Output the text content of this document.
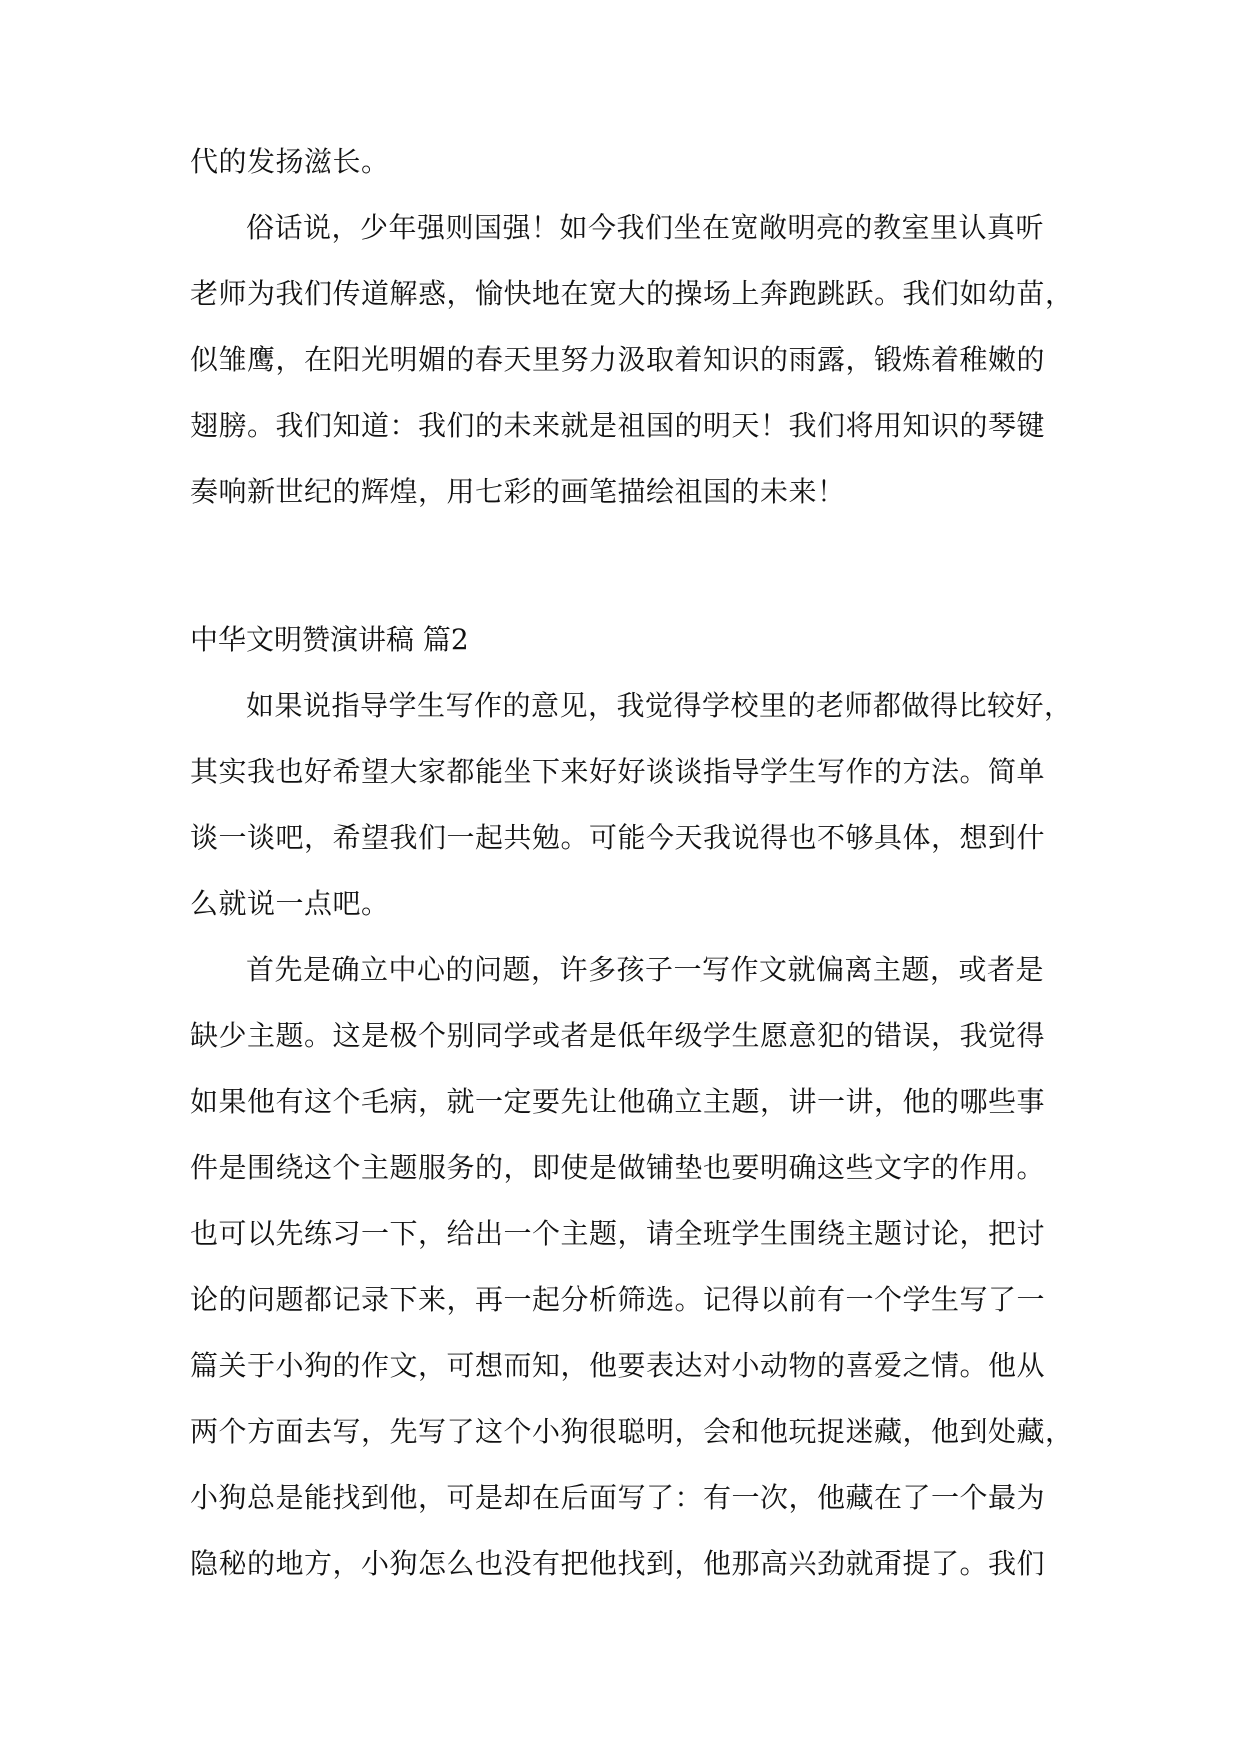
代的发扬滋长。
俗话说，少年强则国强！如今我们坐在宽敞明亮的教室里认真听
老师为我们传道解惑，愉快地在宽大的操场上奔跑跳跃。我们如幼苗，
似雏鹰，在阳光明媚的春天里努力汲取着知识的雨露，锻炼着稚嫩的
翅膀。我们知道：我们的未来就是祖国的明天！我们将用知识的琴键
奏响新世纪的辉煌，用七彩的画笔描绘祖国的未来！
中华文明赞演讲稿 篇2
如果说指导学生写作的意见，我觉得学校里的老师都做得比较好，
其实我也好希望大家都能坐下来好好谈谈指导学生写作的方法。简单
谈一谈吧，希望我们一起共勉。可能今天我说得也不够具体，想到什
么就说一点吧。
首先是确立中心的问题，许多孩子一写作文就偏离主题，或者是
缺少主题。这是极个别同学或者是低年级学生愿意犯的错误，我觉得
如果他有这个毛病，就一定要先让他确立主题，讲一讲，他的哪些事
件是围绕这个主题服务的，即使是做铺垫也要明确这些文字的作用。
也可以先练习一下，给出一个主题，请全班学生围绕主题讨论，把讨
论的问题都记录下来，再一起分析筛选。记得以前有一个学生写了一
篇关于小狗的作文，可想而知，他要表达对小动物的喜爱之情。他从
两个方面去写，先写了这个小狗很聪明，会和他玩捉迷藏，他到处藏，
小狗总是能找到他，可是却在后面写了：有一次，他藏在了一个最为
隐秘的地方，小狗怎么也没有把他找到，他那高兴劲就甭提了。我们
